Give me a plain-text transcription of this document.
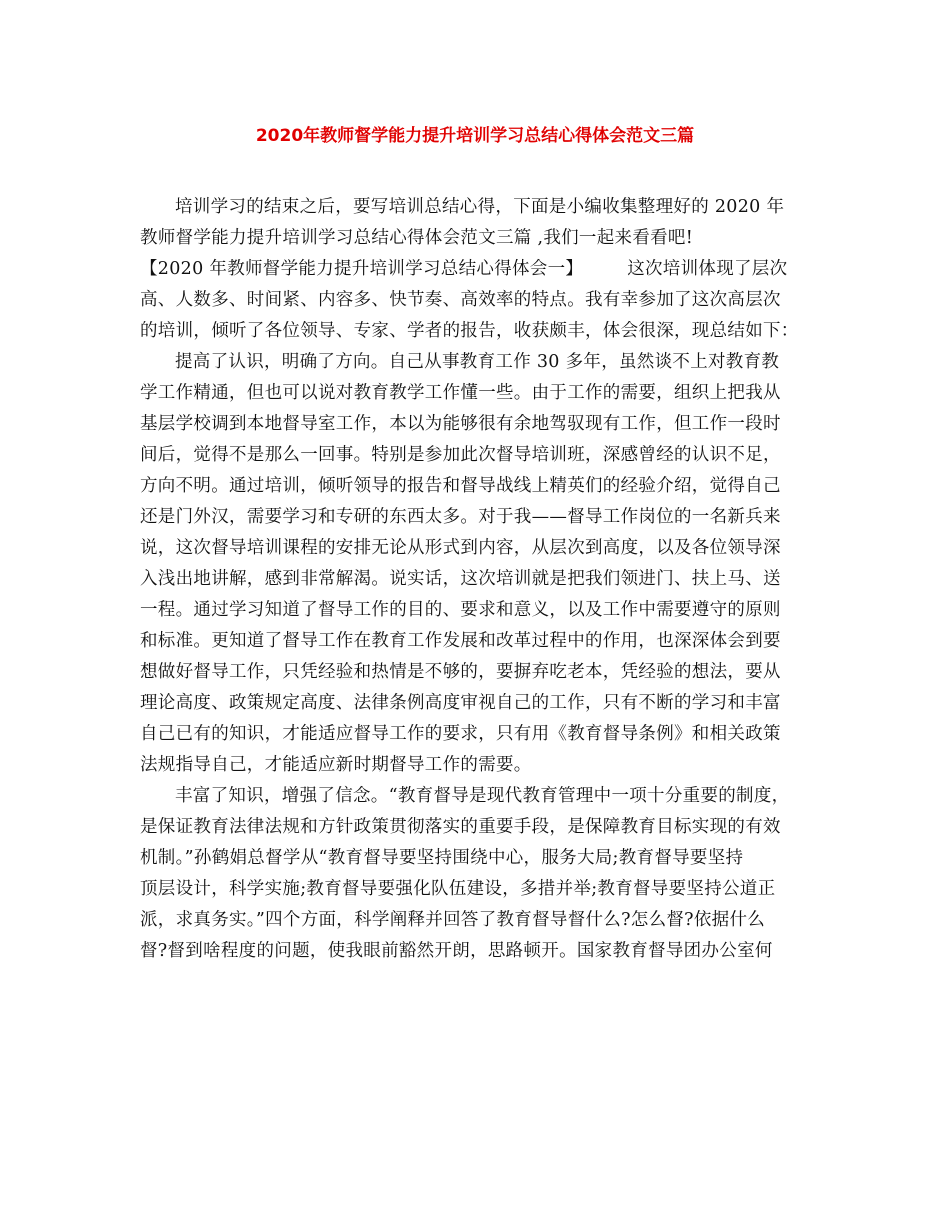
2020年教师督学能力提升培训学习总结心得体会范文三篇
培训学习的结束之后，要写培训总结心得，下面是小编收集整理好的 2020 年
教师督学能力提升培训学习总结心得体会范文三篇 ,我们一起来看看吧!
【2020 年教师督学能力提升培训学习总结心得体会一】	这次培训体现了层次
高、人数多、时间紧、内容多、快节奏、高效率的特点。我有幸参加了这次高层次
的培训，倾听了各位领导、专家、学者的报告，收获颇丰，体会很深，现总结如下：
提高了认识，明确了方向。自己从事教育工作 30 多年，虽然谈不上对教育教
学工作精通，但也可以说对教育教学工作懂一些。由于工作的需要，组织上把我从
基层学校调到本地督导室工作，本以为能够很有余地驾驭现有工作，但工作一段时
间后，觉得不是那么一回事。特别是参加此次督导培训班，深感曾经的认识不足，
方向不明。通过培训，倾听领导的报告和督导战线上精英们的经验介绍，觉得自己
还是门外汉，需要学习和专研的东西太多。对于我——督导工作岗位的一名新兵来
说，这次督导培训课程的安排无论从形式到内容，从层次到高度，以及各位领导深
入浅出地讲解，感到非常解渴。说实话，这次培训就是把我们领进门、扶上马、送
一程。通过学习知道了督导工作的目的、要求和意义，以及工作中需要遵守的原则
和标准。更知道了督导工作在教育工作发展和改革过程中的作用，也深深体会到要
想做好督导工作，只凭经验和热情是不够的，要摒弃吃老本，凭经验的想法，要从
理论高度、政策规定高度、法律条例高度审视自己的工作，只有不断的学习和丰富
自己已有的知识，才能适应督导工作的要求，只有用《教育督导条例》和相关政策
法规指导自己，才能适应新时期督导工作的需要。
丰富了知识，增强了信念。“教育督导是现代教育管理中一项十分重要的制度，
是保证教育法律法规和方针政策贯彻落实的重要手段，是保障教育目标实现的有效
机制。”孙鹤娟总督学从“教育督导要坚持围绕中心，服务大局;教育督导要坚持
顶层设计，科学实施;教育督导要强化队伍建设，多措并举;教育督导要坚持公道正
派，求真务实。”四个方面，科学阐释并回答了教育督导督什么?怎么督?依据什么
督?督到啥程度的问题，使我眼前豁然开朗，思路顿开。国家教育督导团办公室何
